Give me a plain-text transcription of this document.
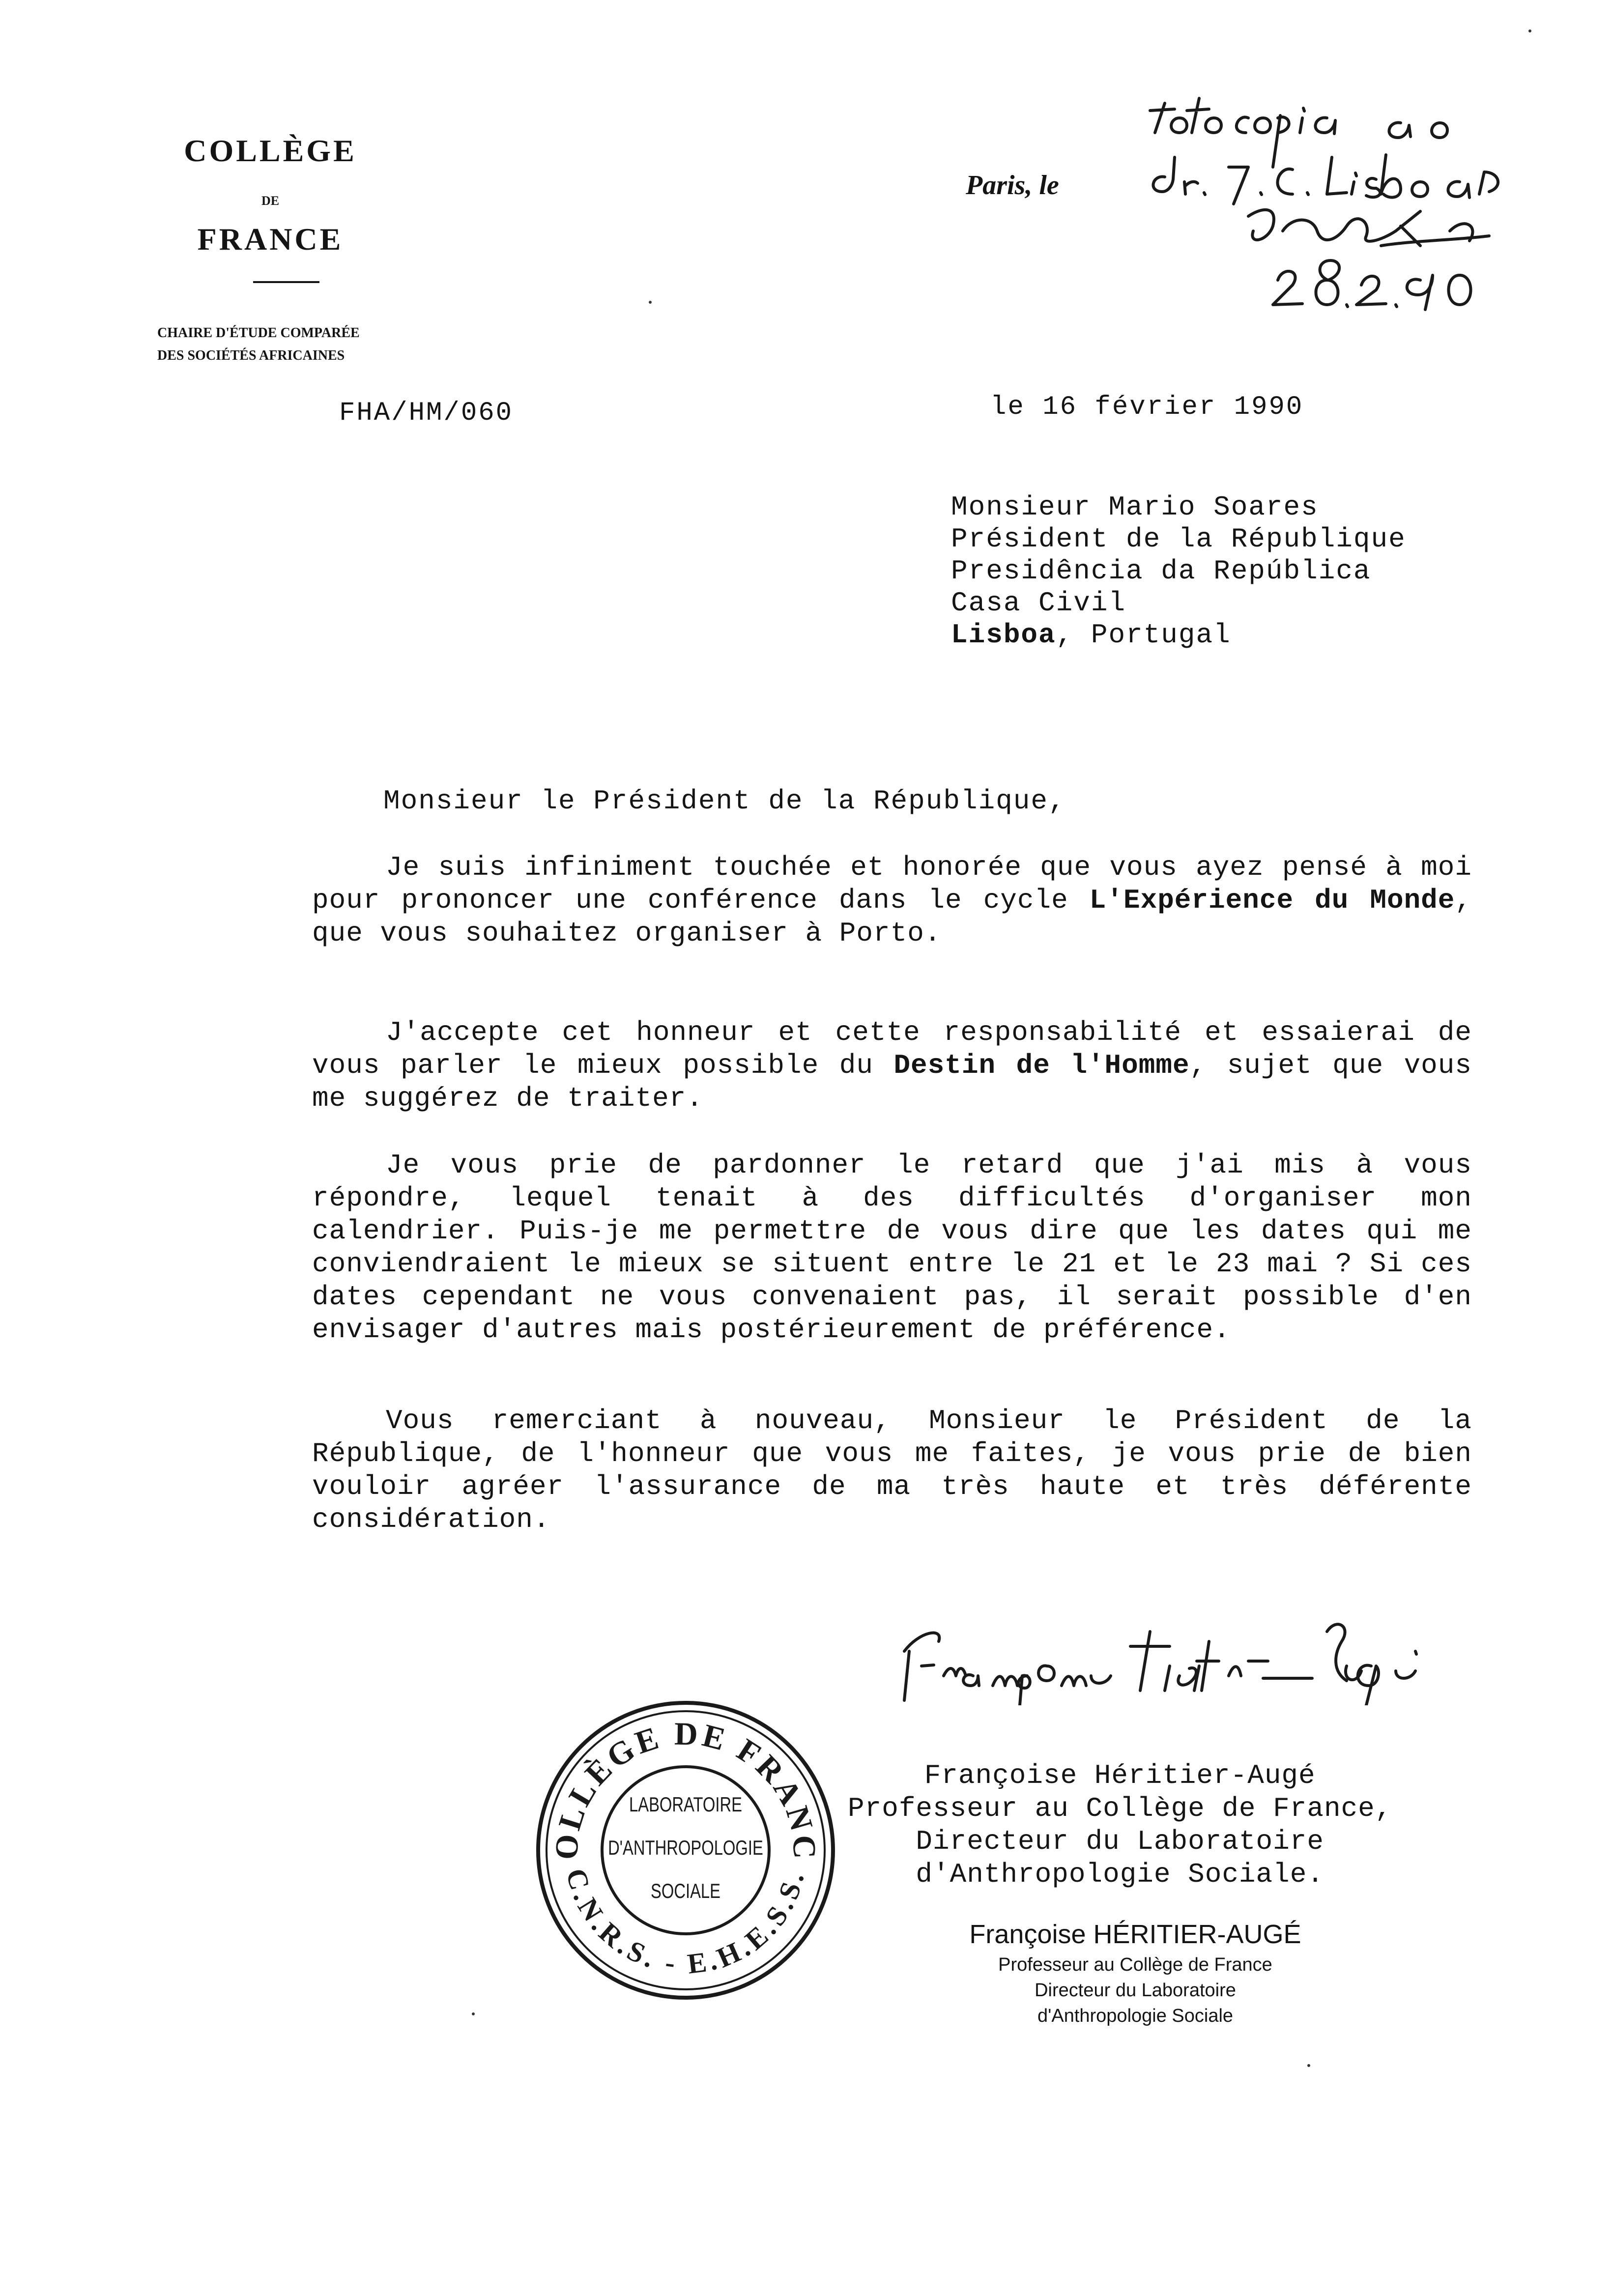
COLLÈGE
DE
FRANCE
CHAIRE D'ÉTUDE COMPARÉE
DES SOCIÉTÉS AFRICAINES
Paris, le
FHA/HM/060	le 16 février 1990
Monsieur Mario Soares
Président de la République
Presidência da República
Casa Civil
Lisboa, Portugal
Monsieur le Président de la République,
Je suis infiniment touchée et honorée que vous ayez pensé à moi pour prononcer une conférence dans le cycle L'Expérience du Monde, que vous souhaitez organiser à Porto.
J'accepte cet honneur et cette responsabilité et essaierai de vous parler le mieux possible du Destin de l'Homme, sujet que vous me suggérez de traiter.
Je vous prie de pardonner le retard que j'ai mis à vous répondre, lequel tenait à des difficultés d'organiser mon calendrier. Puis-je me permettre de vous dire que les dates qui me conviendraient le mieux se situent entre le 21 et le 23 mai ? Si ces dates cependant ne vous convenaient pas, il serait possible d'en envisager d'autres mais postérieurement de préférence.
Vous remerciant à nouveau, Monsieur le Président de la République, de l'honneur que vous me faites, je vous prie de bien vouloir agréer l'assurance de ma très haute et très déférente considération.
Françoise Héritier-Augé
Professeur au Collège de France,
Directeur du Laboratoire
d'Anthropologie Sociale.
OLLÈGE DE FRANC
C.N.R.S. - E.H.E.S.S.
LABORATOIRE
D'ANTHROPOLOGIE
SOCIALE
Françoise HÉRITIER-AUGÉ
Professeur au Collège de France
Directeur du Laboratoire
d'Anthropologie Sociale
